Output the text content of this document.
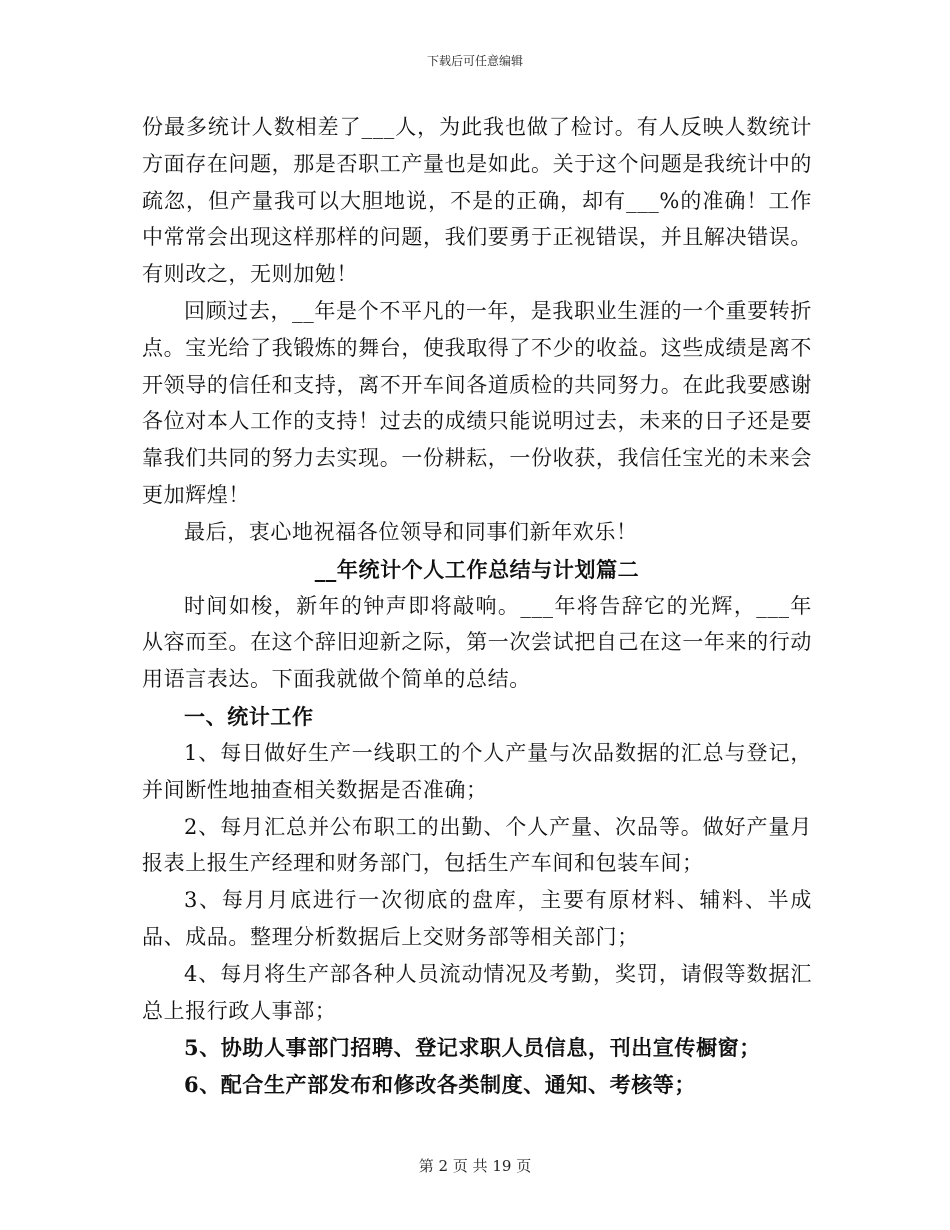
下载后可任意编辑

份最多统计人数相差了___人，为此我也做了检讨。有人反映人数统计方面存在问题，那是否职工产量也是如此。关于这个问题是我统计中的疏忽，但产量我可以大胆地说，不是的正确，却有___%的准确！工作中常常会出现这样那样的问题，我们要勇于正视错误，并且解决错误。有则改之，无则加勉！

回顾过去，__年是个不平凡的一年，是我职业生涯的一个重要转折点。宝光给了我锻炼的舞台，使我取得了不少的收益。这些成绩是离不开领导的信任和支持，离不开车间各道质检的共同努力。在此我要感谢各位对本人工作的支持！过去的成绩只能说明过去，未来的日子还是要靠我们共同的努力去实现。一份耕耘，一份收获，我信任宝光的未来会更加辉煌！

最后，衷心地祝福各位领导和同事们新年欢乐！

__年统计个人工作总结与计划篇二

时间如梭，新年的钟声即将敲响。___年将告辞它的光辉，___年从容而至。在这个辞旧迎新之际，第一次尝试把自己在这一年来的行动用语言表达。下面我就做个简单的总结。

一、统计工作

1、每日做好生产一线职工的个人产量与次品数据的汇总与登记，并间断性地抽查相关数据是否准确；

2、每月汇总并公布职工的出勤、个人产量、次品等。做好产量月报表上报生产经理和财务部门，包括生产车间和包装车间；

3、每月月底进行一次彻底的盘库，主要有原材料、辅料、半成品、成品。整理分析数据后上交财务部等相关部门；

4、每月将生产部各种人员流动情况及考勤，奖罚，请假等数据汇总上报行政人事部；

5、协助人事部门招聘、登记求职人员信息，刊出宣传橱窗；

6、配合生产部发布和修改各类制度、通知、考核等；

第 2 页 共 19 页
